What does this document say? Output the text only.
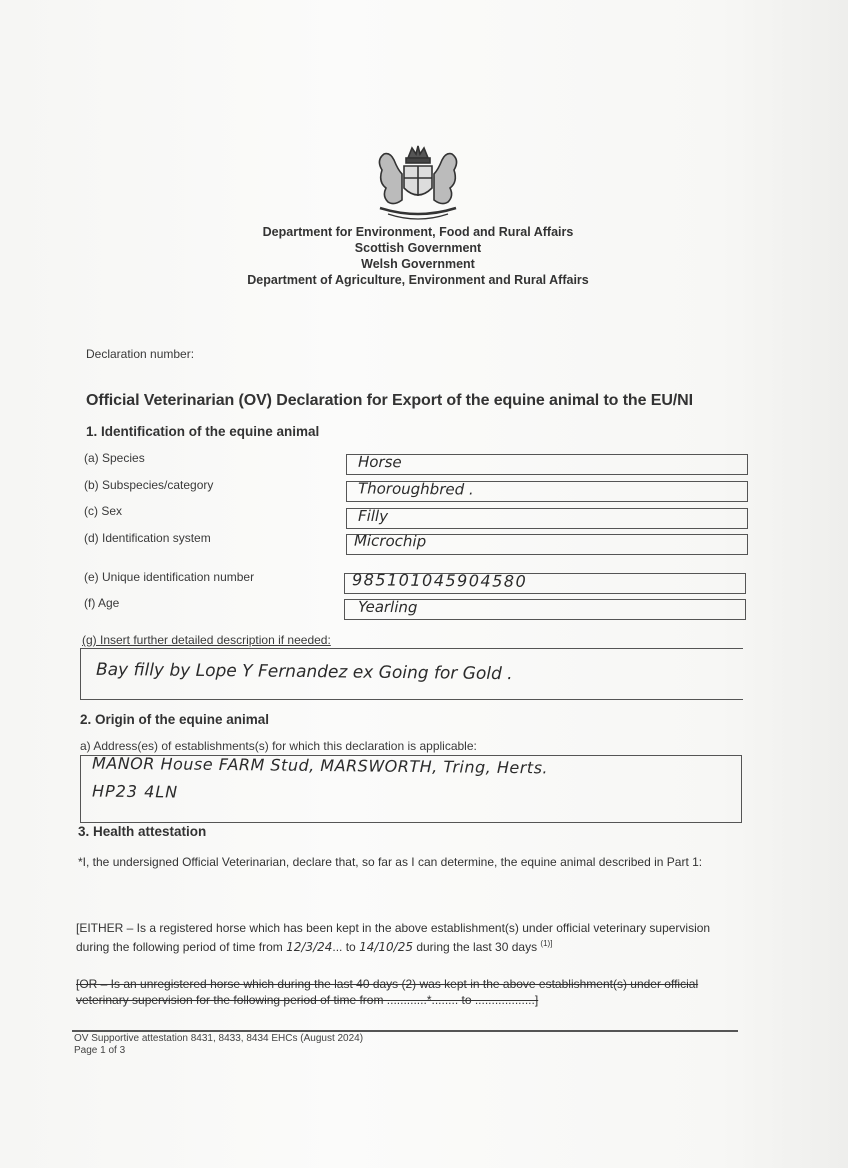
Department for Environment, Food and Rural Affairs
Scottish Government
Welsh Government
Department of Agriculture, Environment and Rural Affairs
Declaration number:
Official Veterinarian (OV) Declaration for Export of the equine animal to the EU/NI
1. Identification of the equine animal
(a) Species	Horse
(b) Subspecies/category	Thoroughbred .
(c) Sex	Filly
(d) Identification system	Microchip
(e) Unique identification number	985101045904580
(f) Age	Yearling
(g) Insert further detailed description if needed:
Bay filly by Lope Y Fernandez ex Going for Gold .
2. Origin of the equine animal
a) Address(es) of establishments(s) for which this declaration is applicable:
MANOR House FARM Stud, MARSWORTH, Tring, Herts.
HP23 4LN
3. Health attestation
*I, the undersigned Official Veterinarian, declare that, so far as I can determine, the equine animal described in Part 1:
[EITHER – Is a registered horse which has been kept in the above establishment(s) under official veterinary supervision during the following period of time from 12/3/24... to 14/10/25 during the last 30 days $^{(1)]}$
[OR – Is an unregistered horse which during the last 40 days (2) was kept in the above establishment(s) under official veterinary supervision for the following period of time from ............*........ to ..................]
OV Supportive attestation 8431, 8433, 8434 EHCs (August 2024)
Page 1 of 3
